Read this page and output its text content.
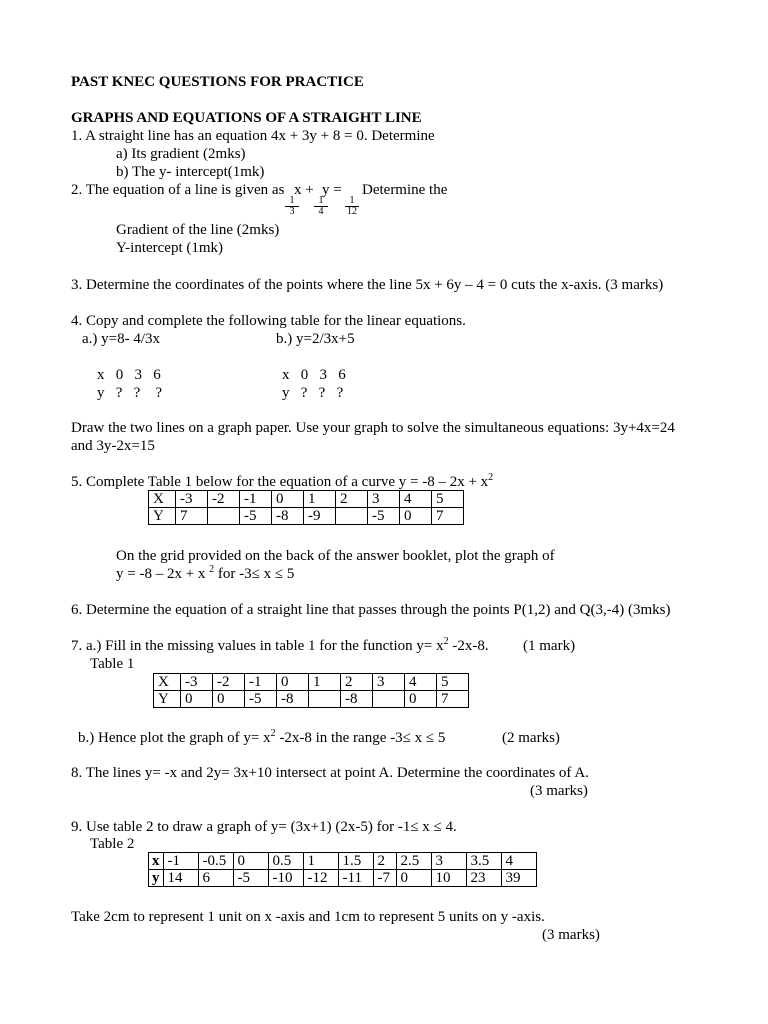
PAST KNEC QUESTIONS FOR PRACTICE
GRAPHS AND EQUATIONS OF A STRAIGHT LINE
1. A straight line has an equation 4x + 3y + 8 = 0. Determine
a) Its gradient (2mks)
b) The y- intercept(1mk)
2. The equation of a line is given as x + y = Determine the
$\frac{1}{3} \frac{1}{4} \frac{1}{12}$
Gradient of the line (2mks)
Y-intercept (1mk)
3. Determine the coordinates of the points where the line 5x + 6y – 4 = 0 cuts the x-axis. (3 marks)
4. Copy and complete the following table for the linear equations.
a.) y=8- 4/3x	b.) y=2/3x+5
x   0   3   6
y   ?   ?    ?
x   0   3   6
y   ?   ?   ?
Draw the two lines on a graph paper. Use your graph to solve the simultaneous equations: 3y+4x=24
and 3y-2x=15
5. Complete Table 1 below for the equation of a curve $y = -8 - 2x + x^2$
X	-3	-2	-1	0	1	2	3	4	5
Y	7		-5	-8	-9		-5	0	7
On the grid provided on the back of the answer booklet, plot the graph of
y = -8 – 2x + x $^2$ for -3≤ x ≤ 5
6. Determine the equation of a straight line that passes through the points P(1,2) and Q(3,-4) (3mks)
7. a.) Fill in the missing values in table 1 for the function $y= x^2$ -2x-8. (1 mark)
Table 1
X	-3	-2	-1	0	1	2	3	4	5
Y	0	0	-5	-8		-8		0	7
b.) Hence plot the graph of $y= x^2$ -2x-8 in the range -3≤ x ≤ 5	(2 marks)
8. The lines y= -x and 2y= 3x+10 intersect at point A. Determine the coordinates of A.
(3 marks)
9. Use table 2 to draw a graph of y= (3x+1) (2x-5) for -1≤ x ≤ 4.
Table 2
x	-1	-0.5	0	0.5	1	1.5	2	2.5	3	3.5	4
y	14	6	-5	-10	-12	-11	-7	0	10	23	39
Take 2cm to represent 1 unit on x -axis and 1cm to represent 5 units on y -axis.
(3 marks)
